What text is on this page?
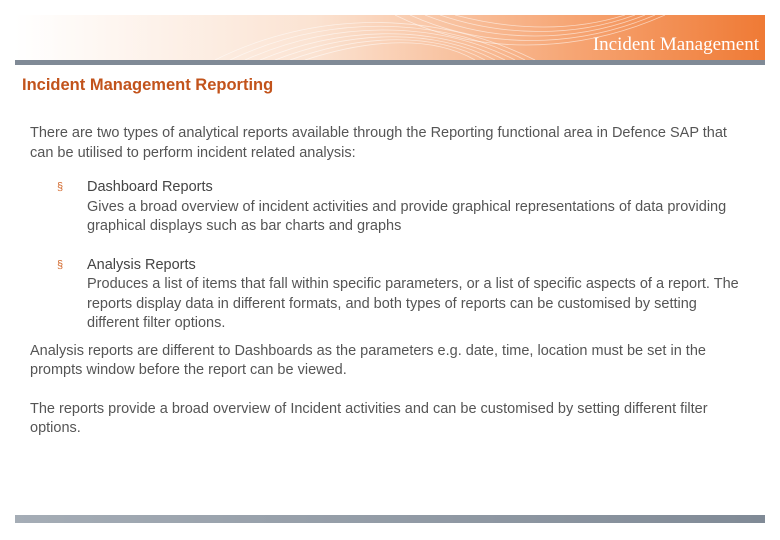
Incident Management
Incident Management Reporting

There are two types of analytical reports available through the Reporting functional area in Defence SAP that can be utilised to perform incident related analysis:

§ Dashboard Reports
Gives a broad overview of incident activities and provide graphical representations of data providing graphical displays such as bar charts and graphs
§ Analysis Reports
Produces a list of items that fall within specific parameters, or a list of specific aspects of a report. The reports display data in different formats, and both types of reports can be customised by setting different filter options.

Analysis reports are different to Dashboards as the parameters e.g. date, time, location must be set in the prompts window before the report can be viewed.

The reports provide a broad overview of Incident activities and can be customised by setting different filter options.
